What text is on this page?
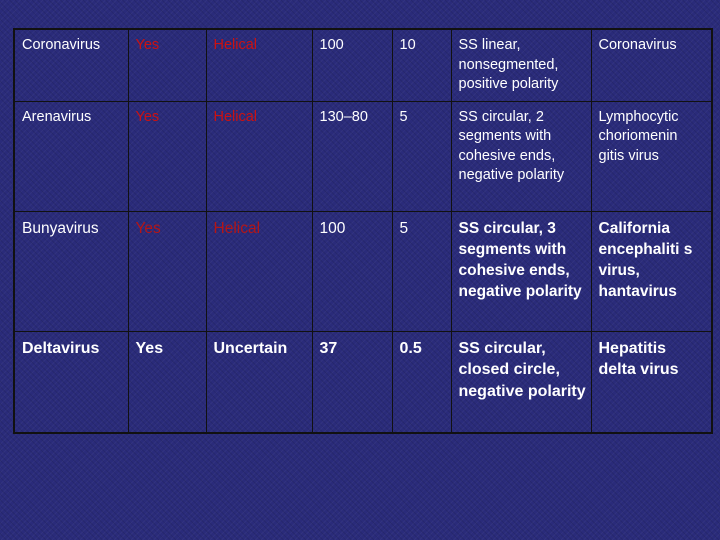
Coronavirus	Yes	Helical	100	10	SS linear, nonsegmented, positive polarity	Coronavirus
Arenavirus	Yes	Helical	130–80	5	SS circular, 2 segments with cohesive ends, negative polarity	Lymphocytic choriomenin gitis virus
Bunyavirus	Yes	Helical	100	5	SS circular, 3 segments with cohesive ends, negative polarity	California encephaliti s virus, hantavirus
Deltavirus	Yes	Uncertain	37	0.5	SS circular, closed circle, negative polarity	Hepatitis delta virus
